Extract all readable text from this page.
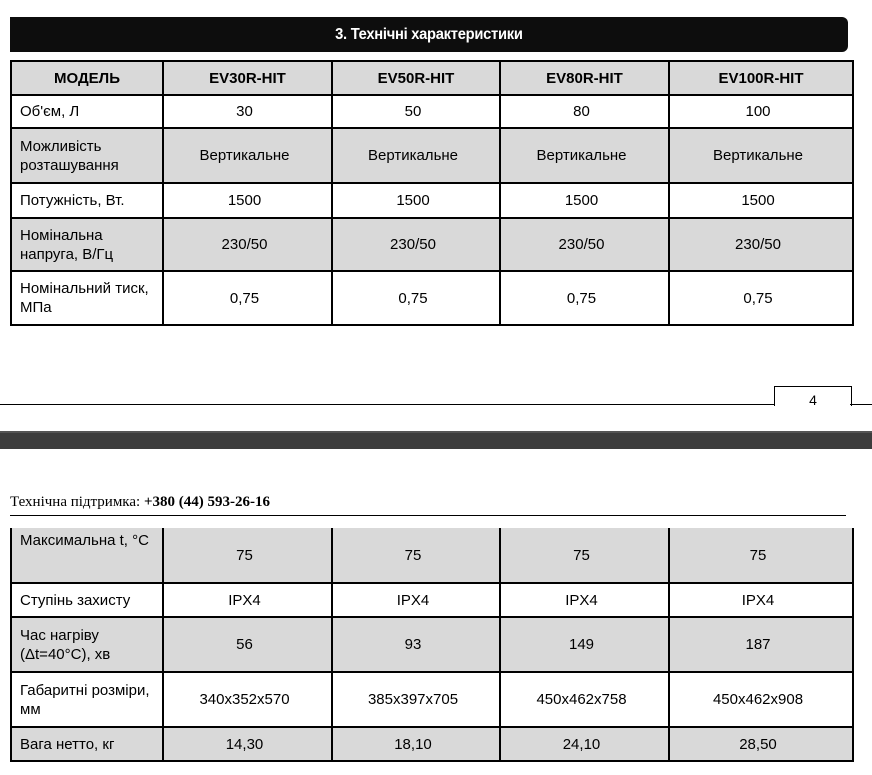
3. Технічні характеристики
МОДЕЛЬ	EV30R-HIT	EV50R-HIT	EV80R-HIT	EV100R-HIT
Об'єм, Л	30	50	80	100
Можливість розташування	Вертикальне	Вертикальне	Вертикальне	Вертикальне
Потужність, Вт.	1500	1500	1500	1500
Номінальна напруга, В/Гц	230/50	230/50	230/50	230/50
Номінальний тиск, МПа	0,75	0,75	0,75	0,75
4
Технічна підтримка: +380 (44) 593-26-16
Максимальна t, °C	75	75	75	75
Ступінь захисту	IPX4	IPX4	IPX4	IPX4
Час нагріву (Δt=40°C), хв	56	93	149	187
Габаритні розміри, мм	340x352x570	385x397x705	450x462x758	450x462x908
Вага нетто, кг	14,30	18,10	24,10	28,50
